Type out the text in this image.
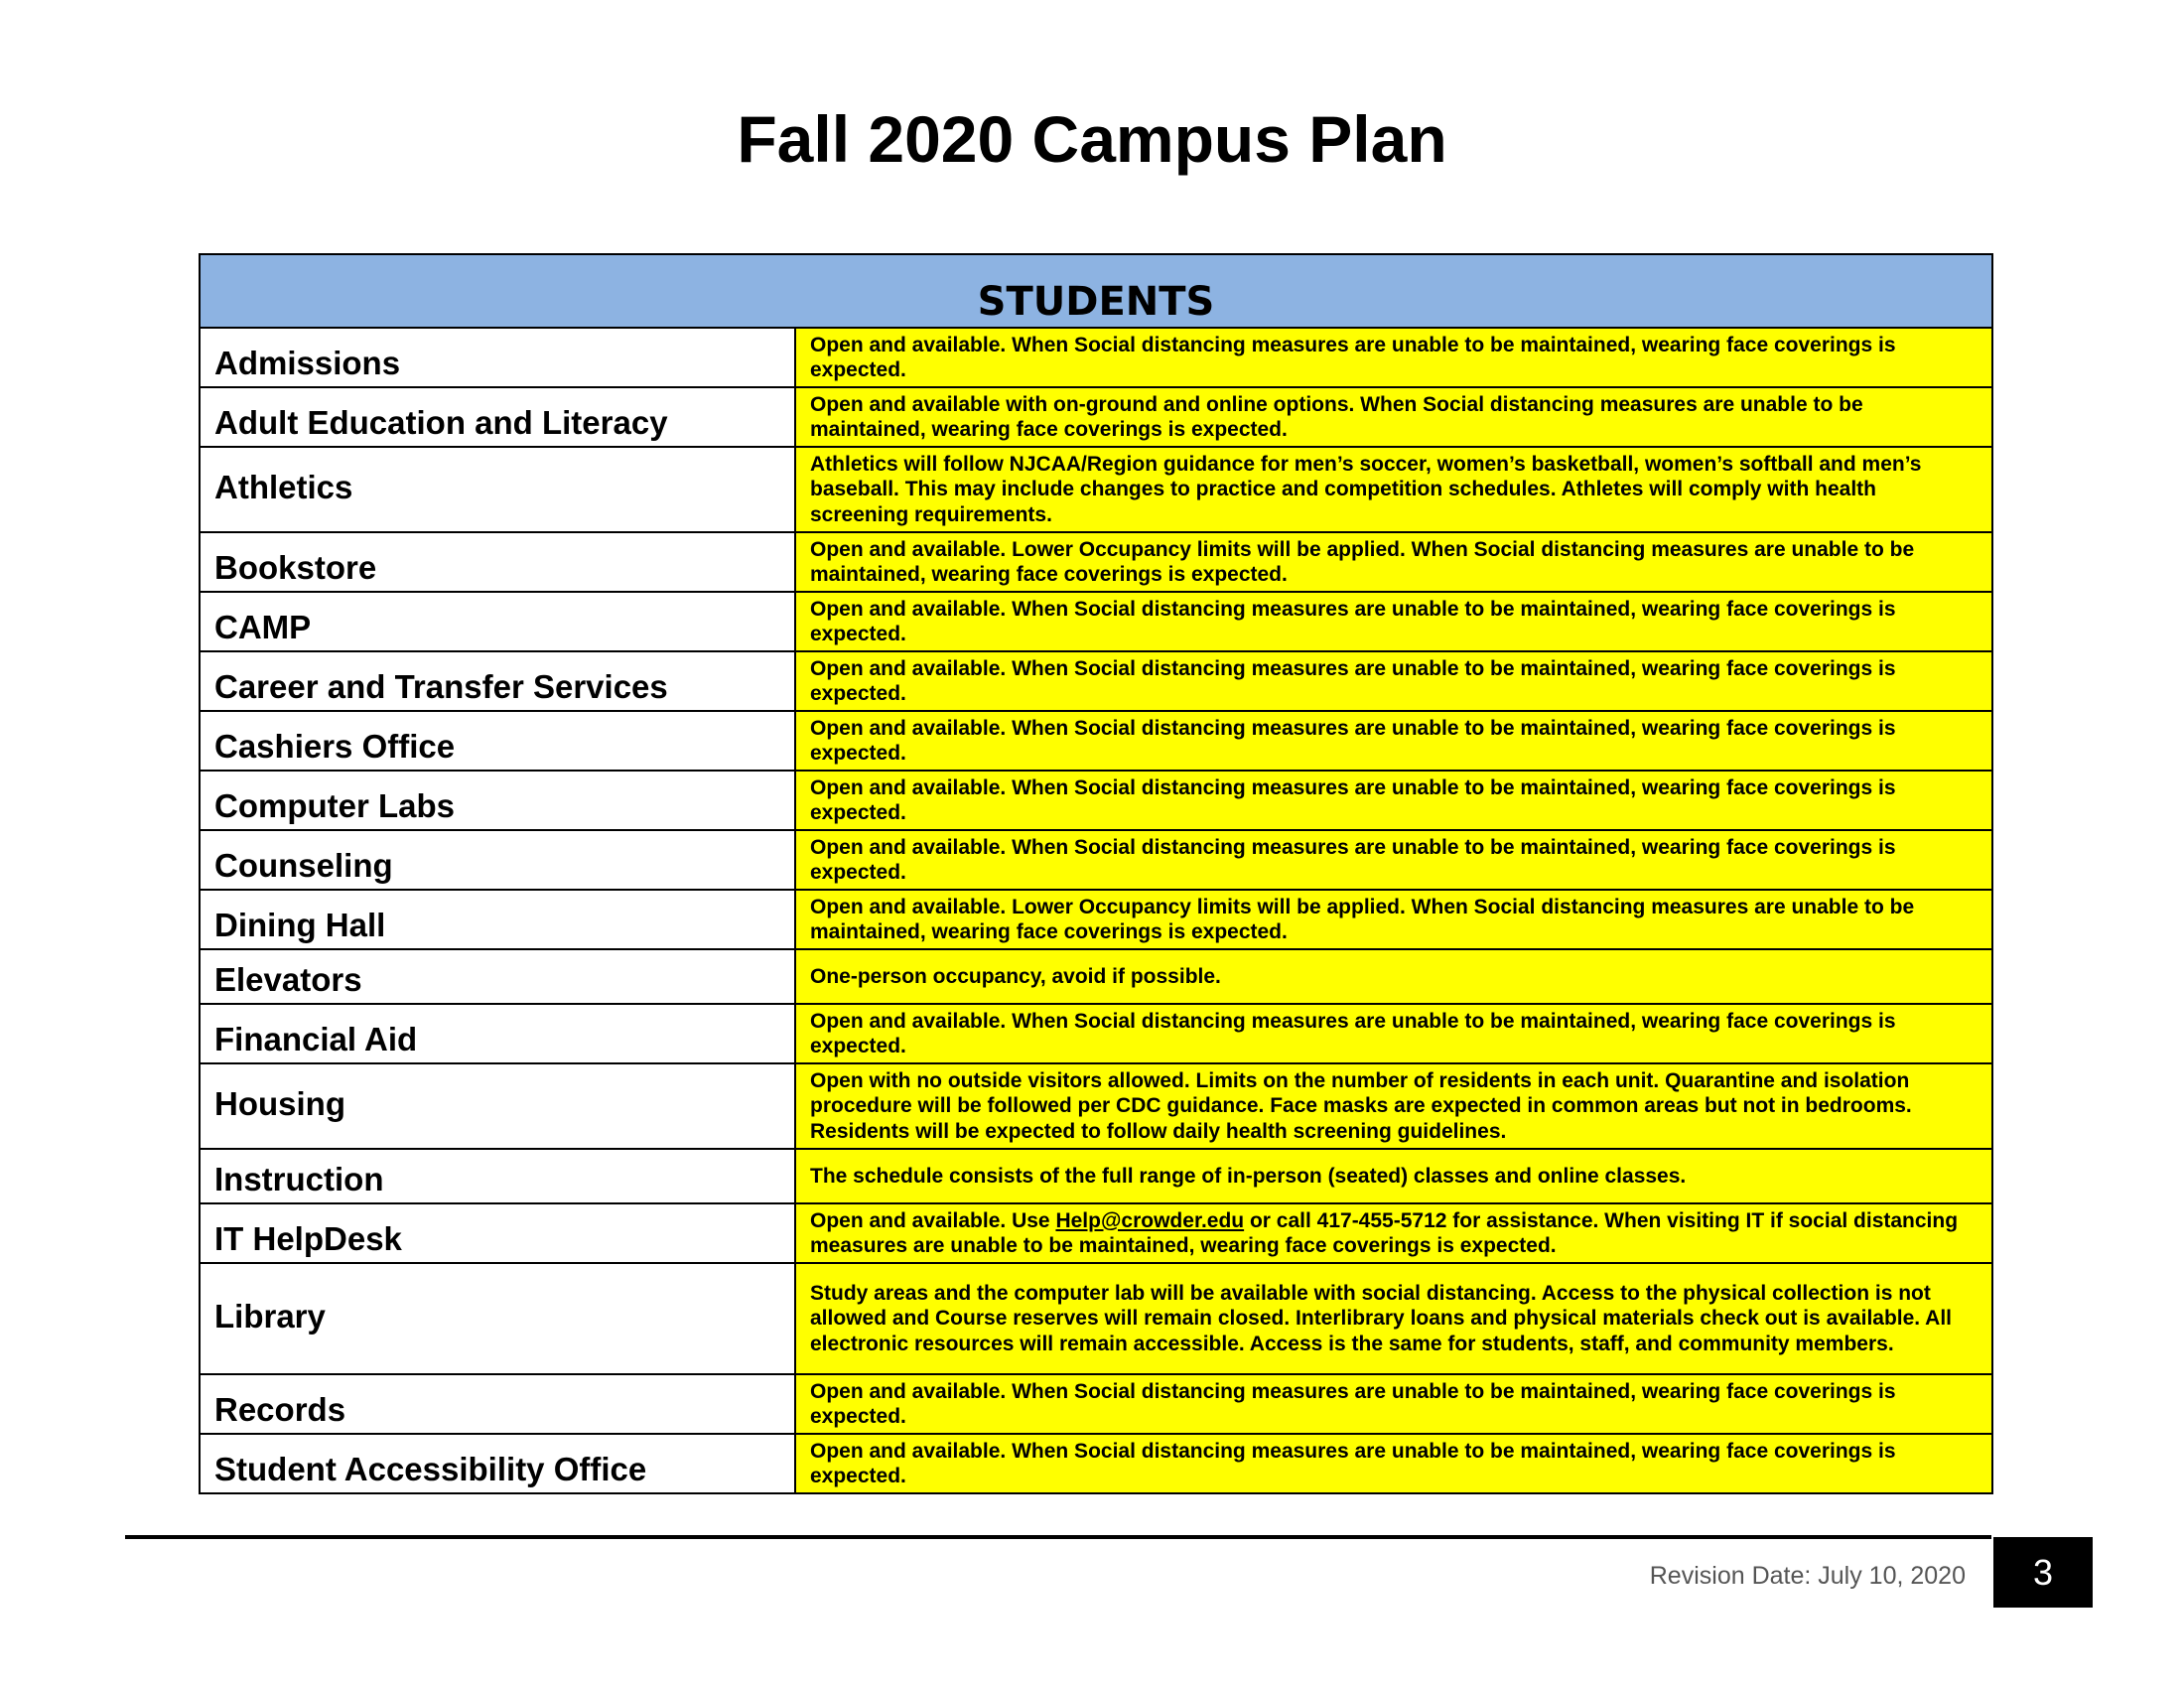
Fall 2020 Campus Plan
STUDENTS	
Admissions	Open and available. When Social distancing measures are unable to be maintained, wearing face coverings is expected.
Adult Education and Literacy	Open and available with on-ground and online options. When Social distancing measures are unable to be maintained, wearing face coverings is expected.
Athletics	Athletics will follow NJCAA/Region guidance for men’s soccer, women’s basketball, women’s softball and men’s baseball. This may include changes to practice and competition schedules. Athletes will comply with health screening requirements.
Bookstore	Open and available. Lower Occupancy limits will be applied. When Social distancing measures are unable to be maintained, wearing face coverings is expected.
CAMP	Open and available. When Social distancing measures are unable to be maintained, wearing face coverings is expected.
Career and Transfer Services	Open and available. When Social distancing measures are unable to be maintained, wearing face coverings is expected.
Cashiers Office	Open and available. When Social distancing measures are unable to be maintained, wearing face coverings is expected.
Computer Labs	Open and available. When Social distancing measures are unable to be maintained, wearing face coverings is expected.
Counseling	Open and available. When Social distancing measures are unable to be maintained, wearing face coverings is expected.
Dining Hall	Open and available. Lower Occupancy limits will be applied. When Social distancing measures are unable to be maintained, wearing face coverings is expected.
Elevators	One-person occupancy, avoid if possible.
Financial Aid	Open and available. When Social distancing measures are unable to be maintained, wearing face coverings is expected.
Housing	Open with no outside visitors allowed. Limits on the number of residents in each unit. Quarantine and isolation procedure will be followed per CDC guidance. Face masks are expected in common areas but not in bedrooms. Residents will be expected to follow daily health screening guidelines.
Instruction	The schedule consists of the full range of in-person (seated) classes and online classes.
IT HelpDesk	Open and available. Use Help@crowder.edu or call 417-455-5712 for assistance. When visiting IT if social distancing measures are unable to be maintained, wearing face coverings is expected.
Library	Study areas and the computer lab will be available with social distancing. Access to the physical collection is not allowed and Course reserves will remain closed. Interlibrary loans and physical materials check out is available. All electronic resources will remain accessible. Access is the same for students, staff, and community members.
Records	Open and available. When Social distancing measures are unable to be maintained, wearing face coverings is expected.
Student Accessibility Office	Open and available. When Social distancing measures are unable to be maintained, wearing face coverings is expected.
Revision Date: July 10, 2020	3
